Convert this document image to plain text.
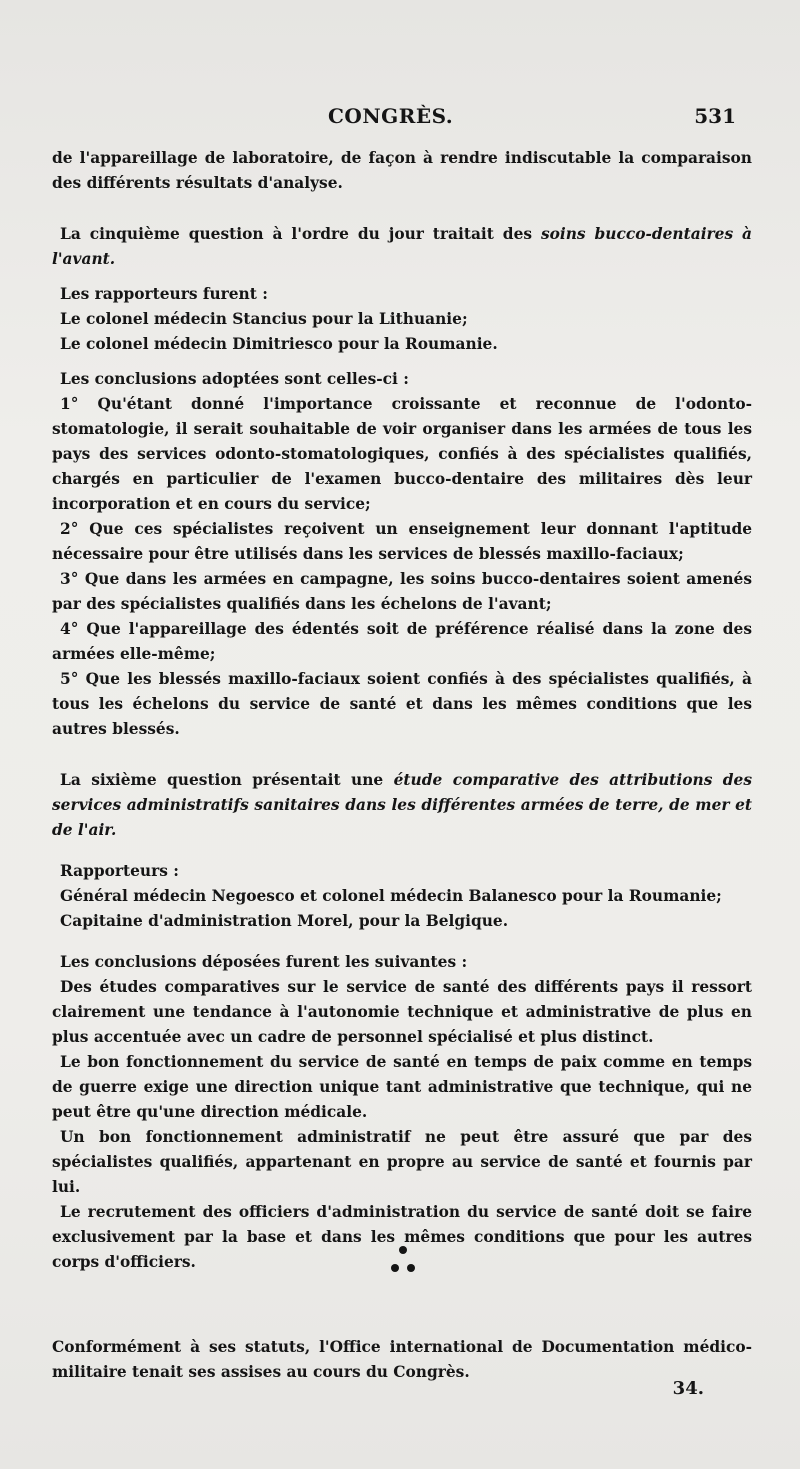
CONGRÈS.	531

de l'appareillage de laboratoire, de façon à rendre indiscutable la comparaison des différents résultats d'analyse.

La cinquième question à l'ordre du jour traitait des soins bucco-dentaires à l'avant.

Les rapporteurs furent :

Le colonel médecin Stancius pour la Lithuanie;

Le colonel médecin Dimitriesco pour la Roumanie.

Les conclusions adoptées sont celles-ci :

1° Qu'étant donné l'importance croissante et reconnue de l'odonto-stomatologie, il serait souhaitable de voir organiser dans les armées de tous les pays des services odonto-stomatologiques, confiés à des spécialistes qualifiés, chargés en particulier de l'examen bucco-dentaire des militaires dès leur incorporation et en cours du service;

2° Que ces spécialistes reçoivent un enseignement leur donnant l'aptitude nécessaire pour être utilisés dans les services de blessés maxillo-faciaux;

3° Que dans les armées en campagne, les soins bucco-dentaires soient amenés par des spécialistes qualifiés dans les échelons de l'avant;

4° Que l'appareillage des édentés soit de préférence réalisé dans la zone des armées elle-même;

5° Que les blessés maxillo-faciaux soient confiés à des spécialistes qualifiés, à tous les échelons du service de santé et dans les mêmes conditions que les autres blessés.

La sixième question présentait une étude comparative des attributions des services administratifs sanitaires dans les différentes armées de terre, de mer et de l'air.

Rapporteurs :

Général médecin Negoesco et colonel médecin Balanesco pour la Roumanie;

Capitaine d'administration Morel, pour la Belgique.

Les conclusions déposées furent les suivantes :

Des études comparatives sur le service de santé des différents pays il ressort clairement une tendance à l'autonomie technique et administrative de plus en plus accentuée avec un cadre de personnel spécialisé et plus distinct.

Le bon fonctionnement du service de santé en temps de paix comme en temps de guerre exige une direction unique tant administrative que technique, qui ne peut être qu'une direction médicale.

Un bon fonctionnement administratif ne peut être assuré que par des spécialistes qualifiés, appartenant en propre au service de santé et fournis par lui.

Le recrutement des officiers d'administration du service de santé doit se faire exclusivement par la base et dans les mêmes conditions que pour les autres corps d'officiers.

Conformément à ses statuts, l'Office international de Documentation médico-militaire tenait ses assises au cours du Congrès.

34.
